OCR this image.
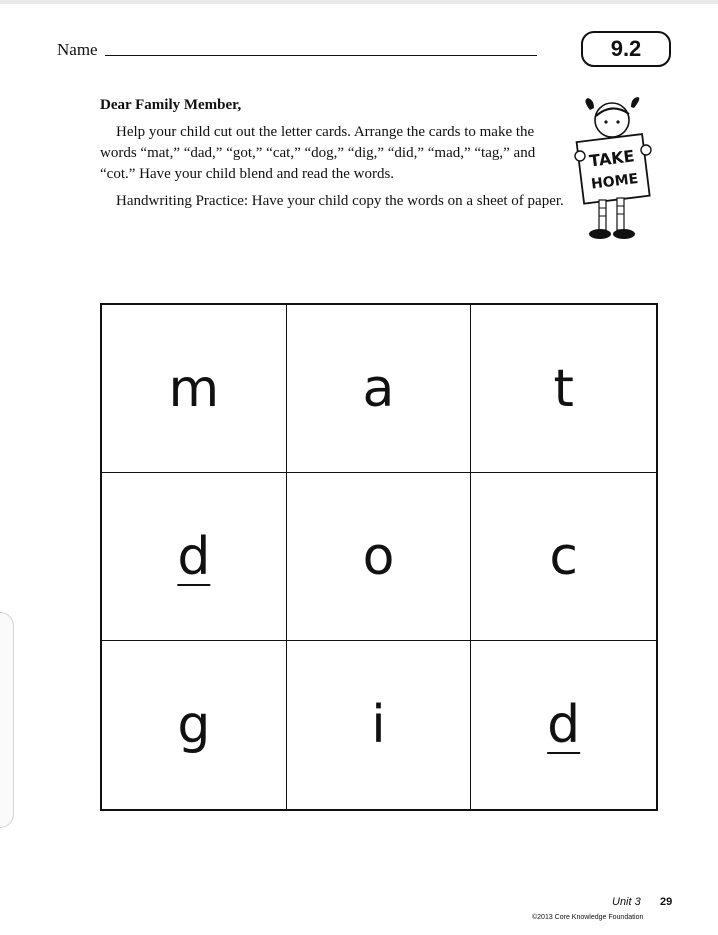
Name	9.2

Dear Family Member,

Help your child cut out the letter cards. Arrange the cards to make the words “mat,” “dad,” “got,” “cat,” “dog,” “dig,” “did,” “mad,” “tag,” and “cot.” Have your child blend and read the words.

Handwriting Practice: Have your child copy the words on a sheet of paper.

TAKE
HOME
m	a	t
d	o	c
g	i	d
Unit 3 29
©2013 Core Knowledge Foundation
